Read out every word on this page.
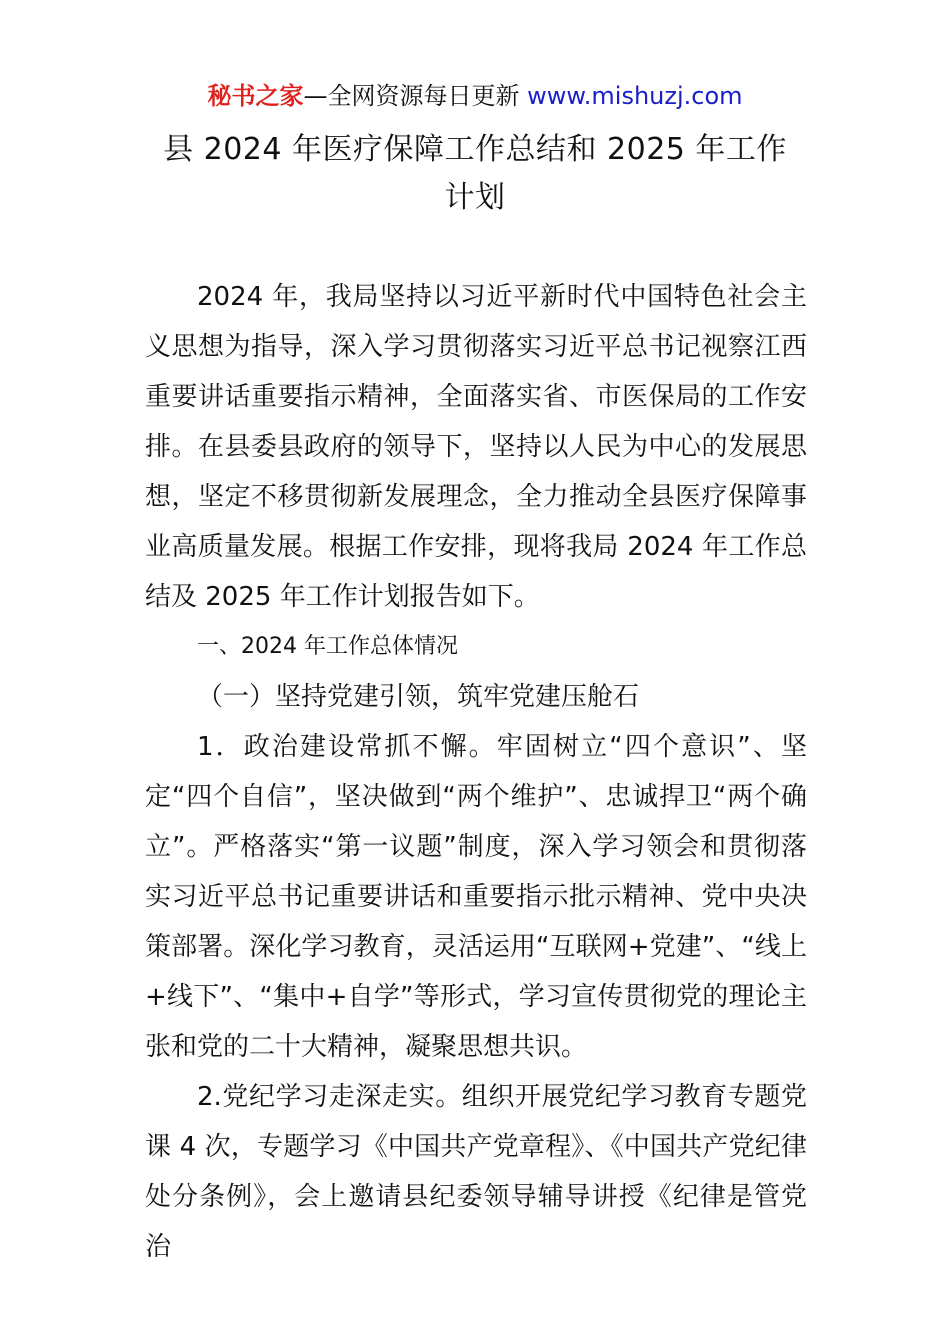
秘书之家—全网资源每日更新 www.mishuzj.com
县 2024 年医疗保障工作总结和 2025 年工作计划

2024 年，我局坚持以习近平新时代中国特色社会主义思想为指导，深入学习贯彻落实习近平总书记视察江西重要讲话重要指示精神，全面落实省、市医保局的工作安排。在县委县政府的领导下，坚持以人民为中心的发展思想，坚定不移贯彻新发展理念，全力推动全县医疗保障事业高质量发展。根据工作安排，现将我局 2024 年工作总结及 2025 年工作计划报告如下。

一、2024 年工作总体情况

（一）坚持党建引领，筑牢党建压舱石

1．政治建设常抓不懈。牢固树立“四个意识”、坚定“四个自信”，坚决做到“两个维护”、忠诚捍卫“两个确立”。严格落实“第一议题”制度，深入学习领会和贯彻落实习近平总书记重要讲话和重要指示批示精神、党中央决策部署。深化学习教育，灵活运用“互联网+党建”、“线上+线下”、“集中+自学”等形式，学习宣传贯彻党的理论主张和党的二十大精神，凝聚思想共识。

2.党纪学习走深走实。组织开展党纪学习教育专题党课 4 次，专题学习《中国共产党章程》、《中国共产党纪律处分条例》，会上邀请县纪委领导辅导讲授《纪律是管党治
